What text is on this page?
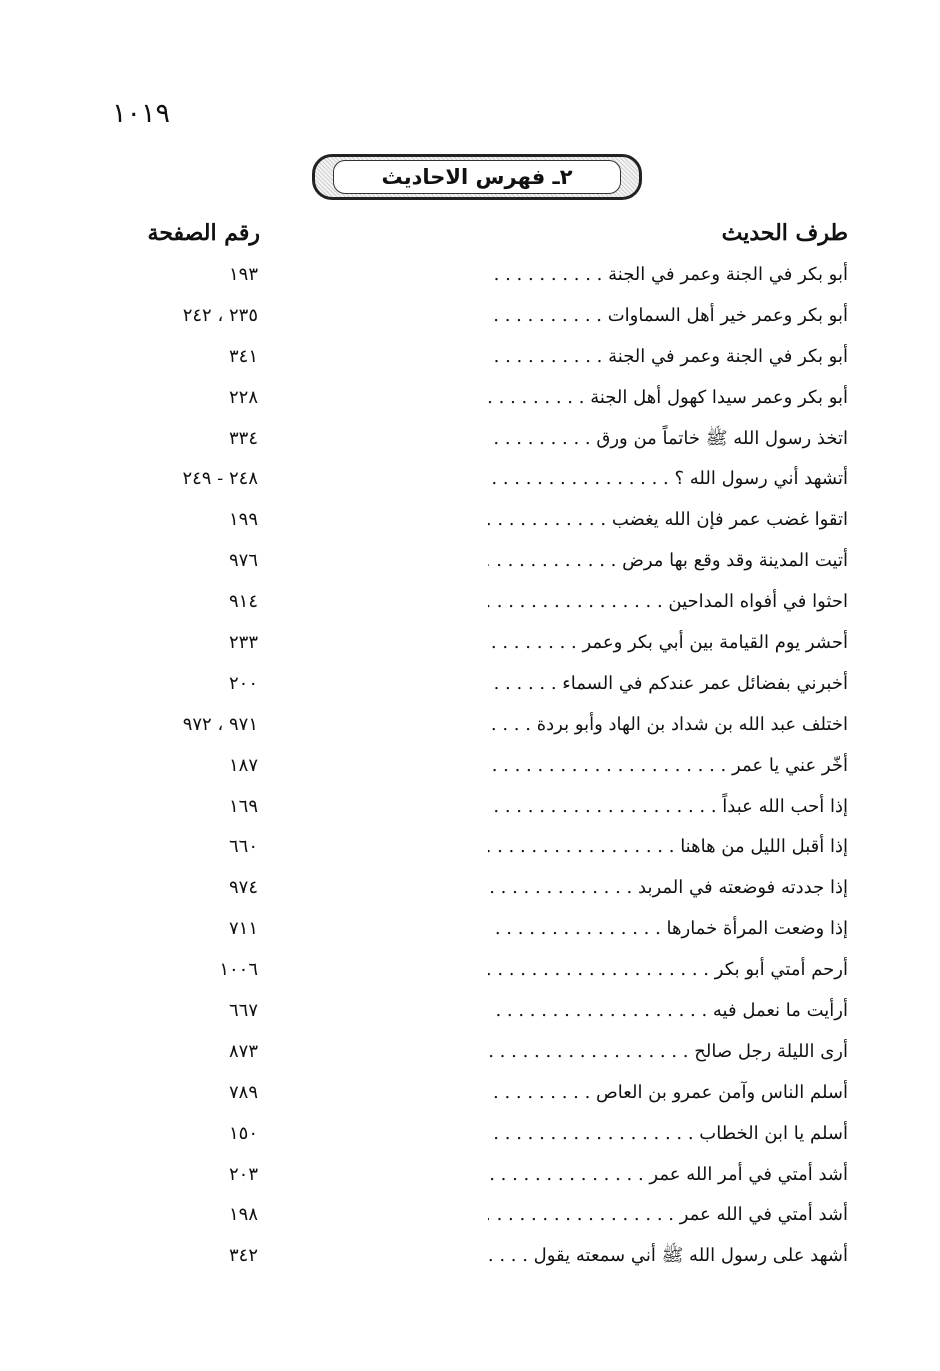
١٠١٩
٢ـ فهرس الاحاديث
طرف الحديث
رقم الصفحة
أبو بكر في الجنة وعمر في الجنة . . .
١٩٣
أبو بكر وعمر خير أهل السماوات . . .
٢٣٥ ، ٢٤٢
أبو بكر في الجنة وعمر في الجنة . . .
٣٤١
أبو بكر وعمر سيدا كهول أهل الجنة . . .
٢٢٨
اتخذ رسول الله ﷺ خاتماً من ورق . . .
٣٣٤
أتشهد أني رسول الله ؟ . . .
٢٤٨ - ٢٤٩
اتقوا غضب عمر فإن الله يغضب . . .
١٩٩
أتيت المدينة وقد وقع بها مرض . . .
٩٧٦
احثوا في أفواه المداحين . . .
٩١٤
أحشر يوم القيامة بين أبي بكر وعمر . . .
٢٣٣
أخبرني بفضائل عمر عندكم في السماء . . .
٢٠٠
اختلف عبد الله بن شداد بن الهاد وأبو بردة . . .
٩٧١ ، ٩٧٢
أخّر عني يا عمر . . .
١٨٧
إذا أحب الله عبداً . . .
١٦٩
إذا أقبل الليل من هاهنا . . .
٦٦٠
إذا جددته فوضعته في المربد . . .
٩٧٤
إذا وضعت المرأة خمارها . . .
٧١١
أرحم أمتي أبو بكر . . .
١٠٠٦
أرأيت ما نعمل فيه . . .
٦٦٧
أرى الليلة رجل صالح . . .
٨٧٣
أسلم الناس وآمن عمرو بن العاص . . .
٧٨٩
أسلم يا ابن الخطاب . . .
١٥٠
أشد أمتي في أمر الله عمر . . .
٢٠٣
أشد أمتي في الله عمر . . .
١٩٨
أشهد على رسول الله ﷺ أني سمعته يقول . . .
٣٤٢
